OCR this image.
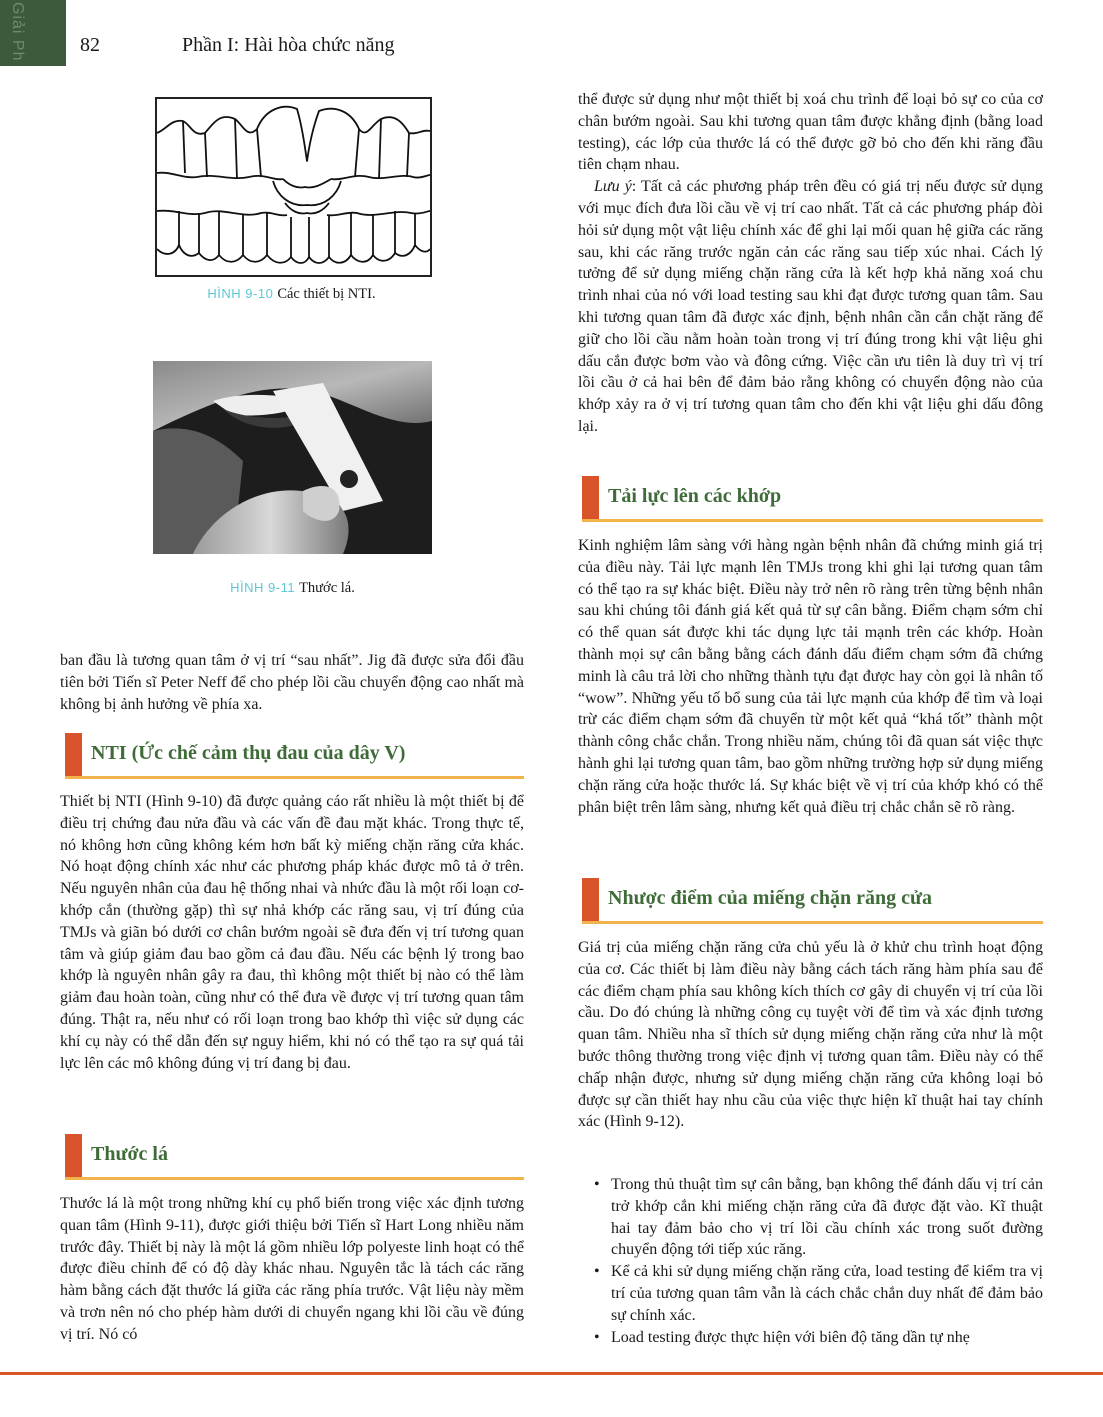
Giải Ph	82	Phần I: Hài hòa chức năng
HÌNH 9-10 Các thiết bị NTI.
HÌNH 9-11 Thước lá.

ban đầu là tương quan tâm ở vị trí “sau nhất”. Jig đã được sửa đổi đầu tiên bởi Tiến sĩ Peter Neff để cho phép lồi cầu chuyển động cao nhất mà không bị ảnh hưởng về phía xa.

NTI (Ức chế cảm thụ đau của dây V)

Thiết bị NTI (Hình 9-10) đã được quảng cáo rất nhiều là một thiết bị để điều trị chứng đau nửa đầu và các vấn đề đau mặt khác. Trong thực tế, nó không hơn cũng không kém hơn bất kỳ miếng chặn răng cửa khác. Nó hoạt động chính xác như các phương pháp khác được mô tả ở trên. Nếu nguyên nhân của đau hệ thống nhai và nhức đầu là một rối loạn cơ-khớp cắn (thường gặp) thì sự nhả khớp các răng sau, vị trí đúng của TMJs và giãn bó dưới cơ chân bướm ngoài sẽ đưa đến vị trí tương quan tâm và giúp giảm đau bao gồm cả đau đầu. Nếu các bệnh lý trong bao khớp là nguyên nhân gây ra đau, thì không một thiết bị nào có thể làm giảm đau hoàn toàn, cũng như có thể đưa về được vị trí tương quan tâm đúng. Thật ra, nếu như có rối loạn trong bao khớp thì việc sử dụng các khí cụ này có thể dẫn đến sự nguy hiểm, khi nó có thể tạo ra sự quá tải lực lên các mô không đúng vị trí đang bị đau.

Thước lá

Thước lá là một trong những khí cụ phổ biến trong việc xác định tương quan tâm (Hình 9-11), được giới thiệu bởi Tiến sĩ Hart Long nhiều năm trước đây. Thiết bị này là một lá gồm nhiều lớp polyeste linh hoạt có thể được điều chỉnh để có độ dày khác nhau. Nguyên tắc là tách các răng hàm bằng cách đặt thước lá giữa các răng phía trước. Vật liệu này mềm và trơn nên nó cho phép hàm dưới di chuyển ngang khi lồi cầu về đúng vị trí. Nó có

thể được sử dụng như một thiết bị xoá chu trình để loại bỏ sự co của cơ chân bướm ngoài. Sau khi tương quan tâm được khẳng định (bằng load testing), các lớp của thước lá có thể được gỡ bỏ cho đến khi răng đầu tiên chạm nhau.

Lưu ý: Tất cả các phương pháp trên đều có giá trị nếu được sử dụng với mục đích đưa lồi cầu về vị trí cao nhất. Tất cả các phương pháp đòi hỏi sử dụng một vật liệu chính xác để ghi lại mối quan hệ giữa các răng sau, khi các răng trước ngăn cản các răng sau tiếp xúc nhai. Cách lý tưởng để sử dụng miếng chặn răng cửa là kết hợp khả năng xoá chu trình nhai của nó với load testing sau khi đạt được tương quan tâm. Sau khi tương quan tâm đã được xác định, bệnh nhân cần cắn chặt răng để giữ cho lồi cầu nằm hoàn toàn trong vị trí đúng trong khi vật liệu ghi dấu cắn được bơm vào và đông cứng. Việc cần ưu tiên là duy trì vị trí lồi cầu ở cả hai bên để đảm bảo rằng không có chuyển động nào của khớp xảy ra ở vị trí tương quan tâm cho đến khi vật liệu ghi dấu đông lại.

Tải lực lên các khớp

Kinh nghiệm lâm sàng với hàng ngàn bệnh nhân đã chứng minh giá trị của điều này. Tải lực mạnh lên TMJs trong khi ghi lại tương quan tâm có thể tạo ra sự khác biệt. Điều này trở nên rõ ràng trên từng bệnh nhân sau khi chúng tôi đánh giá kết quả từ sự cân bằng. Điểm chạm sớm chỉ có thể quan sát được khi tác dụng lực tải mạnh trên các khớp. Hoàn thành mọi sự cân bằng bằng cách đánh dấu điểm chạm sớm đã chứng minh là câu trả lời cho những thành tựu đạt được hay còn gọi là nhân tố “wow”. Những yếu tố bổ sung của tải lực mạnh của khớp để tìm và loại trừ các điểm chạm sớm đã chuyển từ một kết quả “khá tốt” thành một thành công chắc chắn. Trong nhiều năm, chúng tôi đã quan sát việc thực hành ghi lại tương quan tâm, bao gồm những trường hợp sử dụng miếng chặn răng cửa hoặc thước lá. Sự khác biệt về vị trí của khớp khó có thể phân biệt trên lâm sàng, nhưng kết quả điều trị chắc chắn sẽ rõ ràng.

Nhược điểm của miếng chặn răng cửa

Giá trị của miếng chặn răng cửa chủ yếu là ở khử chu trình hoạt động của cơ. Các thiết bị làm điều này bằng cách tách răng hàm phía sau để các điểm chạm phía sau không kích thích cơ gây di chuyển vị trí của lồi cầu. Do đó chúng là những công cụ tuyệt vời để tìm và xác định tương quan tâm. Nhiều nha sĩ thích sử dụng miếng chặn răng cửa như là một bước thông thường trong việc định vị tương quan tâm. Điều này có thể chấp nhận được, nhưng sử dụng miếng chặn răng cửa không loại bỏ được sự cần thiết hay nhu cầu của việc thực hiện kĩ thuật hai tay chính xác (Hình 9-12).

• Trong thủ thuật tìm sự cân bằng, bạn không thể đánh dấu vị trí cản trở khớp cắn khi miếng chặn răng cửa đã được đặt vào. Kĩ thuật hai tay đảm bảo cho vị trí lồi cầu chính xác trong suốt đường chuyển động tới tiếp xúc răng.
• Kể cả khi sử dụng miếng chặn răng cửa, load testing để kiểm tra vị trí của tương quan tâm vẫn là cách chắc chắn duy nhất để đảm bảo sự chính xác.
• Load testing được thực hiện với biên độ tăng dần tự nhẹ
